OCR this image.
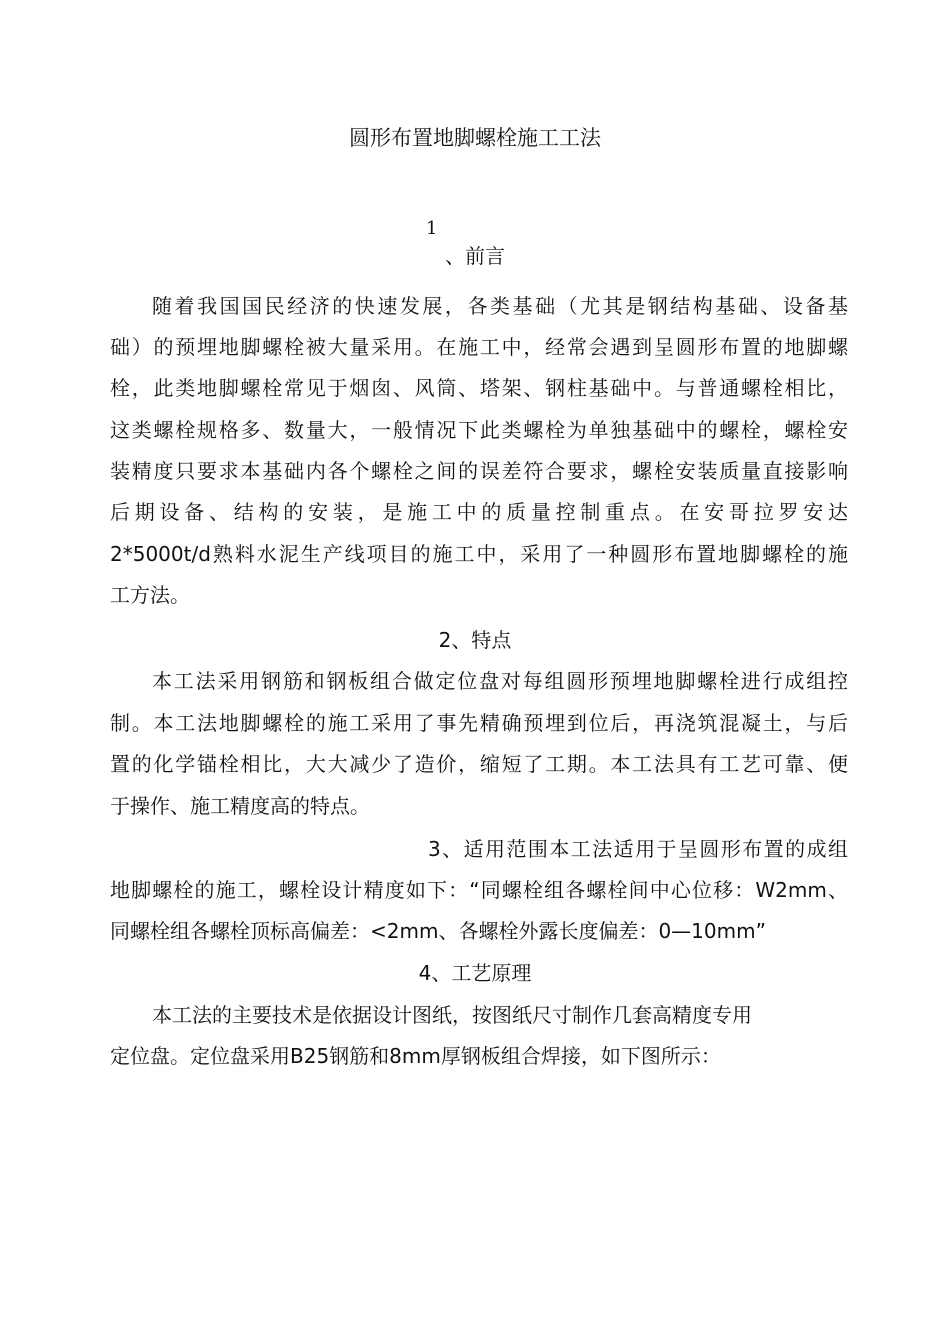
圆形布置地脚螺栓施工工法
1
、前言
随着我国国民经济的快速发展，各类基础（尤其是钢结构基础、设备基
础）的预埋地脚螺栓被大量采用。在施工中，经常会遇到呈圆形布置的地脚螺
栓，此类地脚螺栓常见于烟囱、风筒、塔架、钢柱基础中。与普通螺栓相比，
这类螺栓规格多、数量大，一般情况下此类螺栓为单独基础中的螺栓，螺栓安
装精度只要求本基础内各个螺栓之间的误差符合要求，螺栓安装质量直接影响
后期设备、结构的安装，是施工中的质量控制重点。在安哥拉罗安达
2*5000t/d熟料水泥生产线项目的施工中，采用了一种圆形布置地脚螺栓的施
工方法。
2、特点
本工法采用钢筋和钢板组合做定位盘对每组圆形预埋地脚螺栓进行成组控
制。本工法地脚螺栓的施工采用了事先精确预埋到位后，再浇筑混凝土，与后
置的化学锚栓相比，大大减少了造价，缩短了工期。本工法具有工艺可靠、便
于操作、施工精度高的特点。
3、适用范围本工法适用于呈圆形布置的成组
地脚螺栓的施工，螺栓设计精度如下：“同螺栓组各螺栓间中心位移：W2mm、
同螺栓组各螺栓顶标高偏差：<2mm、各螺栓外露长度偏差：0—10mm”
4、工艺原理
本工法的主要技术是依据设计图纸，按图纸尺寸制作几套高精度专用
定位盘。定位盘采用B25钢筋和8mm厚钢板组合焊接，如下图所示：
